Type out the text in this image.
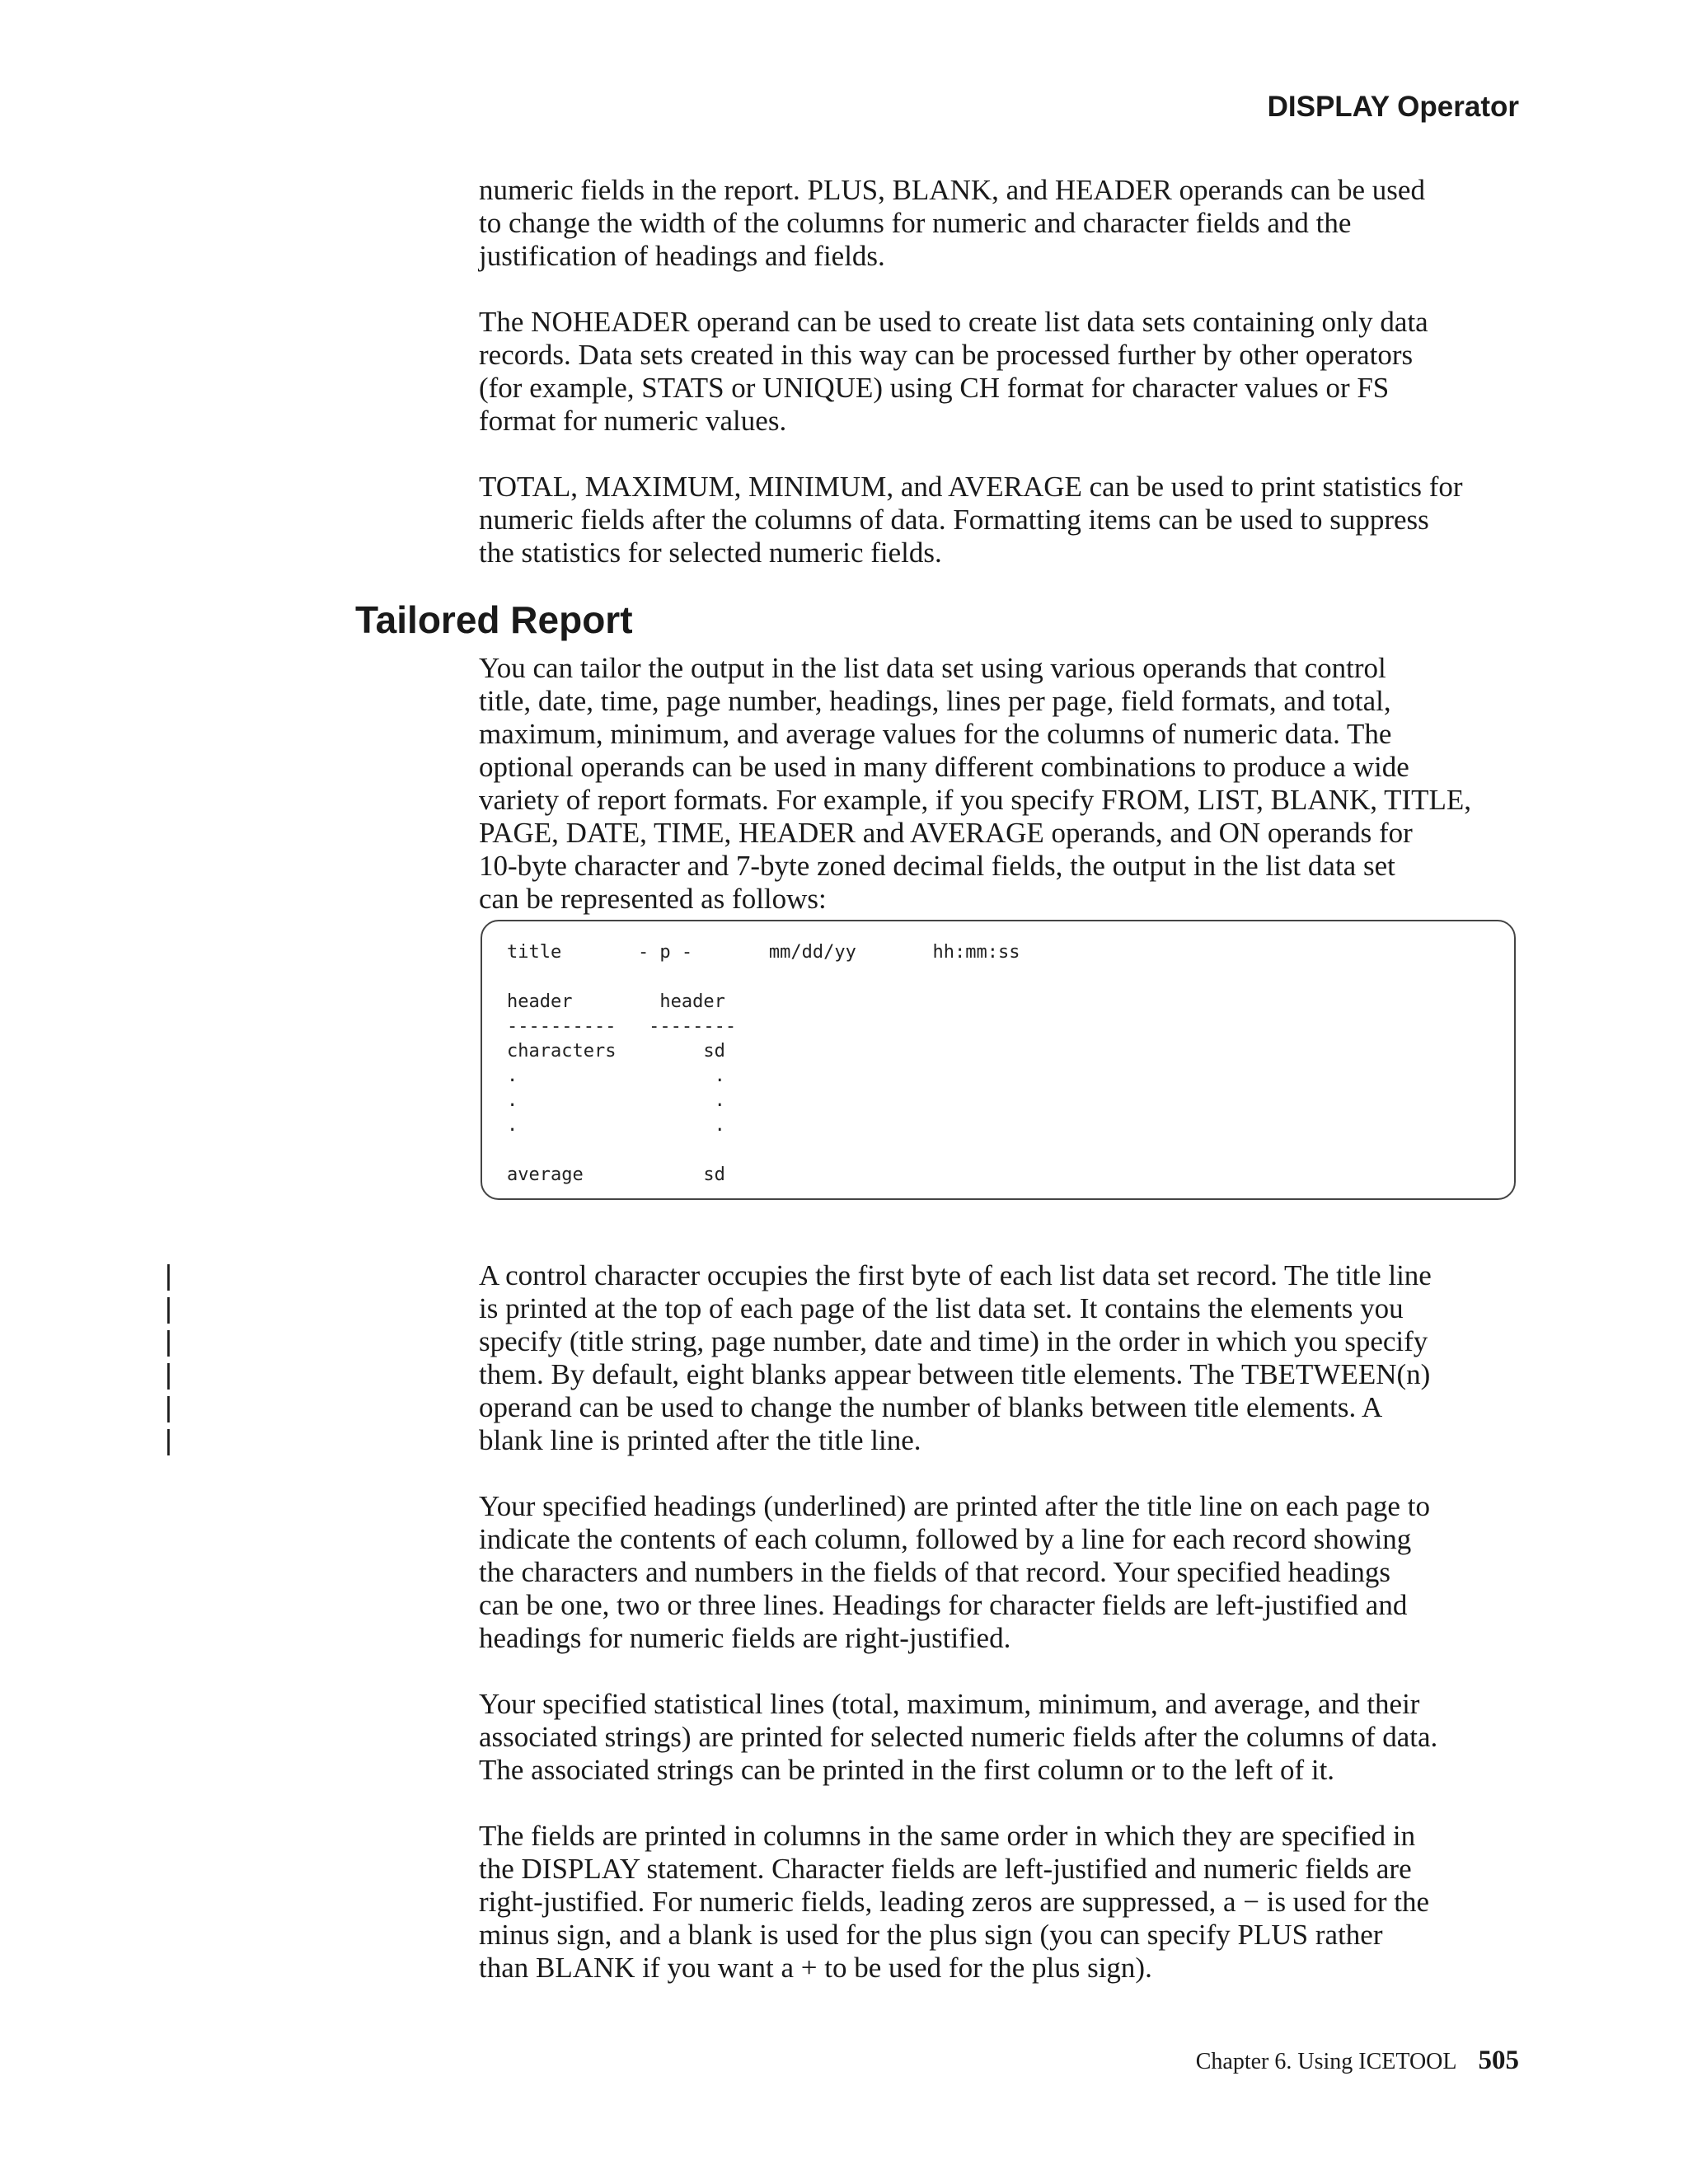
DISPLAY Operator

numeric fields in the report. PLUS, BLANK, and HEADER operands can be used
to change the width of the columns for numeric and character fields and the
justification of headings and fields.

The NOHEADER operand can be used to create list data sets containing only data
records. Data sets created in this way can be processed further by other operators
(for example, STATS or UNIQUE) using CH format for character values or FS
format for numeric values.

TOTAL, MAXIMUM, MINIMUM, and AVERAGE can be used to print statistics for
numeric fields after the columns of data. Formatting items can be used to suppress
the statistics for selected numeric fields.

Tailored Report

You can tailor the output in the list data set using various operands that control
title, date, time, page number, headings, lines per page, field formats, and total,
maximum, minimum, and average values for the columns of numeric data. The
optional operands can be used in many different combinations to produce a wide
variety of report formats. For example, if you specify FROM, LIST, BLANK, TITLE,
PAGE, DATE, TIME, HEADER and AVERAGE operands, and ON operands for
10-byte character and 7-byte zoned decimal fields, the output in the list data set
can be represented as follows:

title       - p -       mm/dd/yy       hh:mm:ss

header        header
----------   --------
characters        sd
.                  .
.                  .
.                  .

average           sd
|
|
|
|
|
|

A control character occupies the first byte of each list data set record. The title line
is printed at the top of each page of the list data set. It contains the elements you
specify (title string, page number, date and time) in the order in which you specify
them. By default, eight blanks appear between title elements. The TBETWEEN(n)
operand can be used to change the number of blanks between title elements. A
blank line is printed after the title line.

Your specified headings (underlined) are printed after the title line on each page to
indicate the contents of each column, followed by a line for each record showing
the characters and numbers in the fields of that record. Your specified headings
can be one, two or three lines. Headings for character fields are left-justified and
headings for numeric fields are right-justified.

Your specified statistical lines (total, maximum, minimum, and average, and their
associated strings) are printed for selected numeric fields after the columns of data.
The associated strings can be printed in the first column or to the left of it.

The fields are printed in columns in the same order in which they are specified in
the DISPLAY statement. Character fields are left-justified and numeric fields are
right-justified. For numeric fields, leading zeros are suppressed, a − is used for the
minus sign, and a blank is used for the plus sign (you can specify PLUS rather
than BLANK if you want a + to be used for the plus sign).

Chapter 6. Using ICETOOL 505
